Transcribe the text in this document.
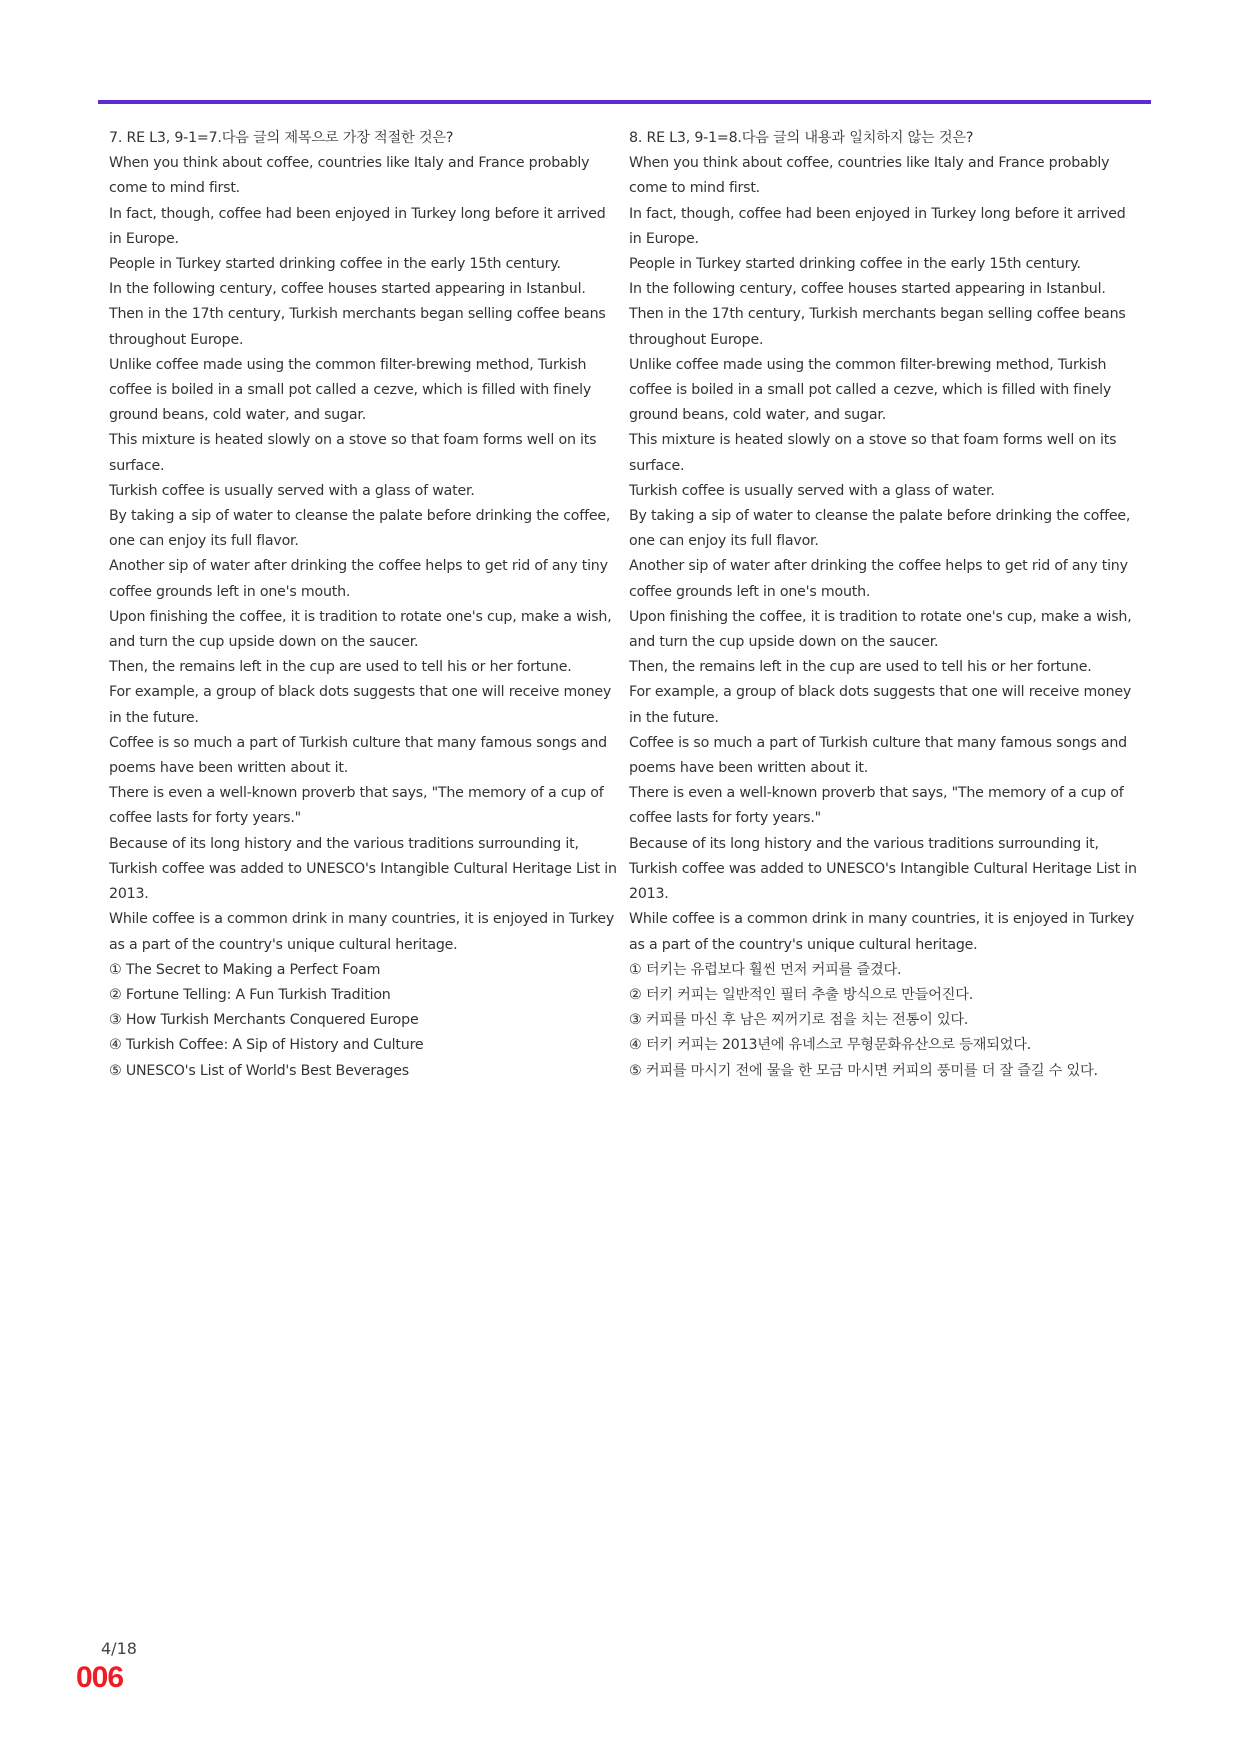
7. RE L3, 9-1=7.다음 글의 제목으로 가장 적절한 것은?

When you think about coffee, countries like Italy and France probably come to mind first.

In fact, though, coffee had been enjoyed in Turkey long before it arrived in Europe.

People in Turkey started drinking coffee in the early 15th century.

In the following century, coffee houses started appearing in Istanbul.

Then in the 17th century, Turkish merchants began selling coffee beans throughout Europe.

Unlike coffee made using the common filter-brewing method, Turkish coffee is boiled in a small pot called a cezve, which is filled with finely ground beans, cold water, and sugar.

This mixture is heated slowly on a stove so that foam forms well on its surface.

Turkish coffee is usually served with a glass of water.

By taking a sip of water to cleanse the palate before drinking the coffee, one can enjoy its full flavor.

Another sip of water after drinking the coffee helps to get rid of any tiny coffee grounds left in one's mouth.

Upon finishing the coffee, it is tradition to rotate one's cup, make a wish, and turn the cup upside down on the saucer.

Then, the remains left in the cup are used to tell his or her fortune.

For example, a group of black dots suggests that one will receive money in the future.

Coffee is so much a part of Turkish culture that many famous songs and poems have been written about it.

There is even a well-known proverb that says, "The memory of a cup of coffee lasts for forty years."

Because of its long history and the various traditions surrounding it, Turkish coffee was added to UNESCO's Intangible Cultural Heritage List in 2013.

While coffee is a common drink in many countries, it is enjoyed in Turkey as a part of the country's unique cultural heritage.

① The Secret to Making a Perfect Foam

② Fortune Telling: A Fun Turkish Tradition

③ How Turkish Merchants Conquered Europe

④ Turkish Coffee: A Sip of History and Culture

⑤ UNESCO's List of World's Best Beverages

8. RE L3, 9-1=8.다음 글의 내용과 일치하지 않는 것은?

When you think about coffee, countries like Italy and France probably come to mind first.

In fact, though, coffee had been enjoyed in Turkey long before it arrived in Europe.

People in Turkey started drinking coffee in the early 15th century.

In the following century, coffee houses started appearing in Istanbul.

Then in the 17th century, Turkish merchants began selling coffee beans throughout Europe.

Unlike coffee made using the common filter-brewing method, Turkish coffee is boiled in a small pot called a cezve, which is filled with finely ground beans, cold water, and sugar.

This mixture is heated slowly on a stove so that foam forms well on its surface.

Turkish coffee is usually served with a glass of water.

By taking a sip of water to cleanse the palate before drinking the coffee, one can enjoy its full flavor.

Another sip of water after drinking the coffee helps to get rid of any tiny coffee grounds left in one's mouth.

Upon finishing the coffee, it is tradition to rotate one's cup, make a wish, and turn the cup upside down on the saucer.

Then, the remains left in the cup are used to tell his or her fortune.

For example, a group of black dots suggests that one will receive money in the future.

Coffee is so much a part of Turkish culture that many famous songs and poems have been written about it.

There is even a well-known proverb that says, "The memory of a cup of coffee lasts for forty years."

Because of its long history and the various traditions surrounding it, Turkish coffee was added to UNESCO's Intangible Cultural Heritage List in 2013.

While coffee is a common drink in many countries, it is enjoyed in Turkey as a part of the country's unique cultural heritage.

① 터키는 유럽보다 훨씬 먼저 커피를 즐겼다.

② 터키 커피는 일반적인 필터 추출 방식으로 만들어진다.

③ 커피를 마신 후 남은 찌꺼기로 점을 치는 전통이 있다.

④ 터키 커피는 2013년에 유네스코 무형문화유산으로 등재되었다.

⑤ 커피를 마시기 전에 물을 한 모금 마시면 커피의 풍미를 더 잘 즐길 수 있다.

4/18
006
